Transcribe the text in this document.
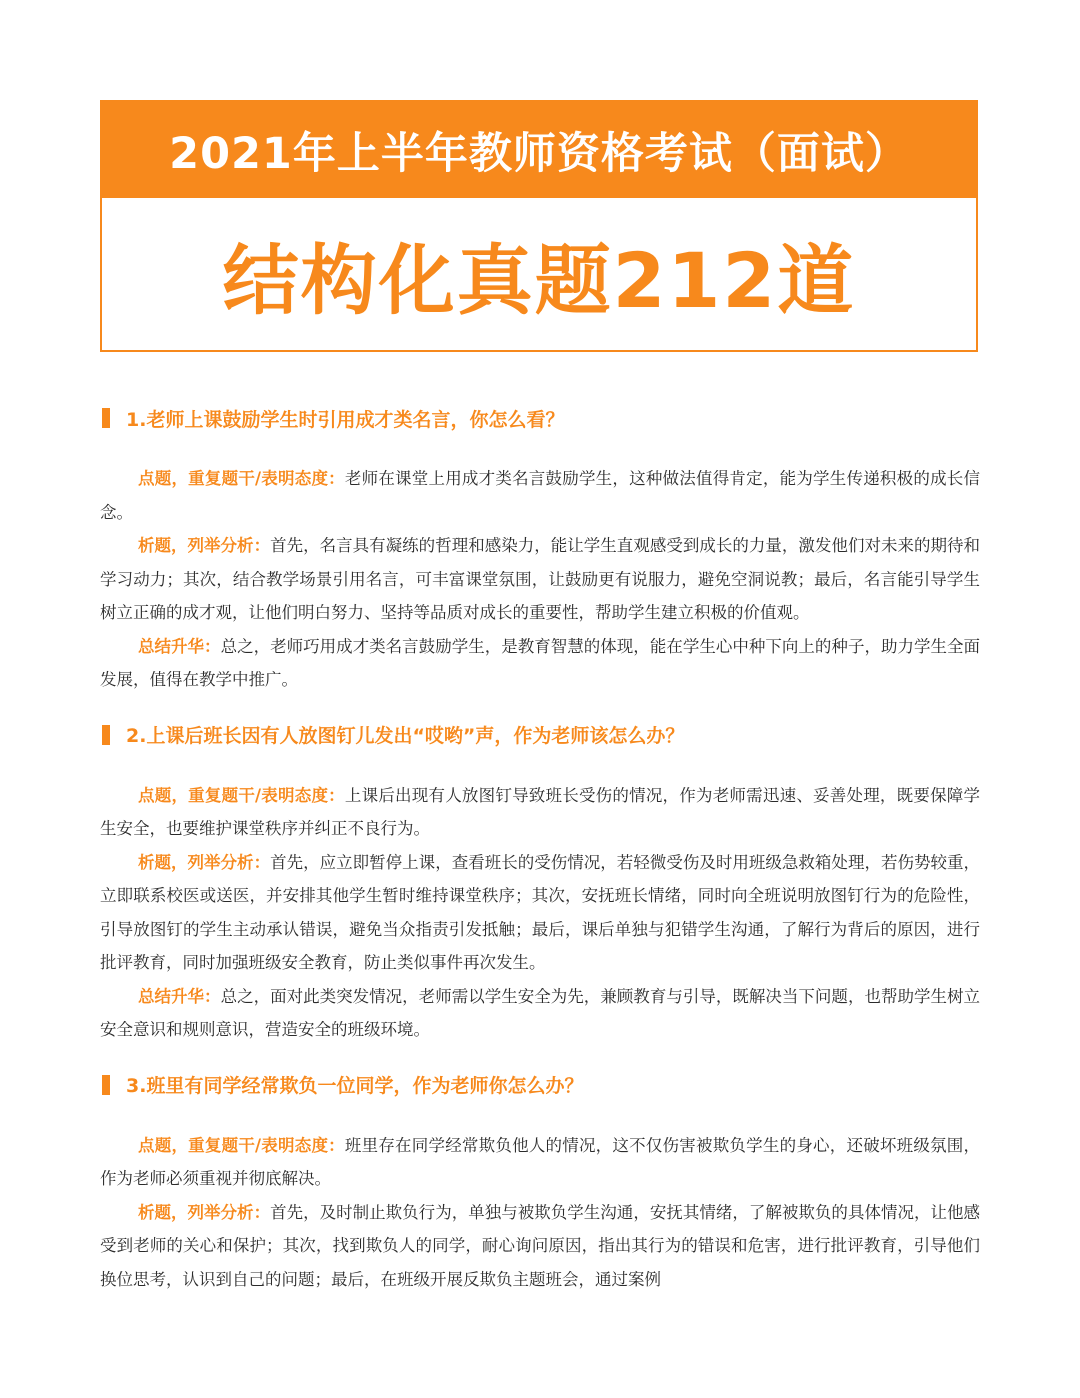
2021年上半年教师资格考试（面试）
结构化真题212道
1.老师上课鼓励学生时引用成才类名言，你怎么看？

点题，重复题干/表明态度：老师在课堂上用成才类名言鼓励学生，这种做法值得肯定，能为学生传递积极的成长信念。

析题，列举分析：首先，名言具有凝练的哲理和感染力，能让学生直观感受到成长的力量，激发他们对未来的期待和学习动力；其次，结合教学场景引用名言，可丰富课堂氛围，让鼓励更有说服力，避免空洞说教；最后，名言能引导学生树立正确的成才观，让他们明白努力、坚持等品质对成长的重要性，帮助学生建立积极的价值观。

总结升华：总之，老师巧用成才类名言鼓励学生，是教育智慧的体现，能在学生心中种下向上的种子，助力学生全面发展，值得在教学中推广。

2.上课后班长因有人放图钉儿发出“哎哟”声，作为老师该怎么办？

点题，重复题干/表明态度：上课后出现有人放图钉导致班长受伤的情况，作为老师需迅速、妥善处理，既要保障学生安全，也要维护课堂秩序并纠正不良行为。

析题，列举分析：首先，应立即暂停上课，查看班长的受伤情况，若轻微受伤及时用班级急救箱处理，若伤势较重，立即联系校医或送医，并安排其他学生暂时维持课堂秩序；其次，安抚班长情绪，同时向全班说明放图钉行为的危险性，引导放图钉的学生主动承认错误，避免当众指责引发抵触；最后，课后单独与犯错学生沟通，了解行为背后的原因，进行批评教育，同时加强班级安全教育，防止类似事件再次发生。

总结升华：总之，面对此类突发情况，老师需以学生安全为先，兼顾教育与引导，既解决当下问题，也帮助学生树立安全意识和规则意识，营造安全的班级环境。

3.班里有同学经常欺负一位同学，作为老师你怎么办？

点题，重复题干/表明态度：班里存在同学经常欺负他人的情况，这不仅伤害被欺负学生的身心，还破坏班级氛围，作为老师必须重视并彻底解决。

析题，列举分析：首先，及时制止欺负行为，单独与被欺负学生沟通，安抚其情绪，了解被欺负的具体情况，让他感受到老师的关心和保护；其次，找到欺负人的同学，耐心询问原因，指出其行为的错误和危害，进行批评教育，引导他们换位思考，认识到自己的问题；最后，在班级开展反欺负主题班会，通过案例
